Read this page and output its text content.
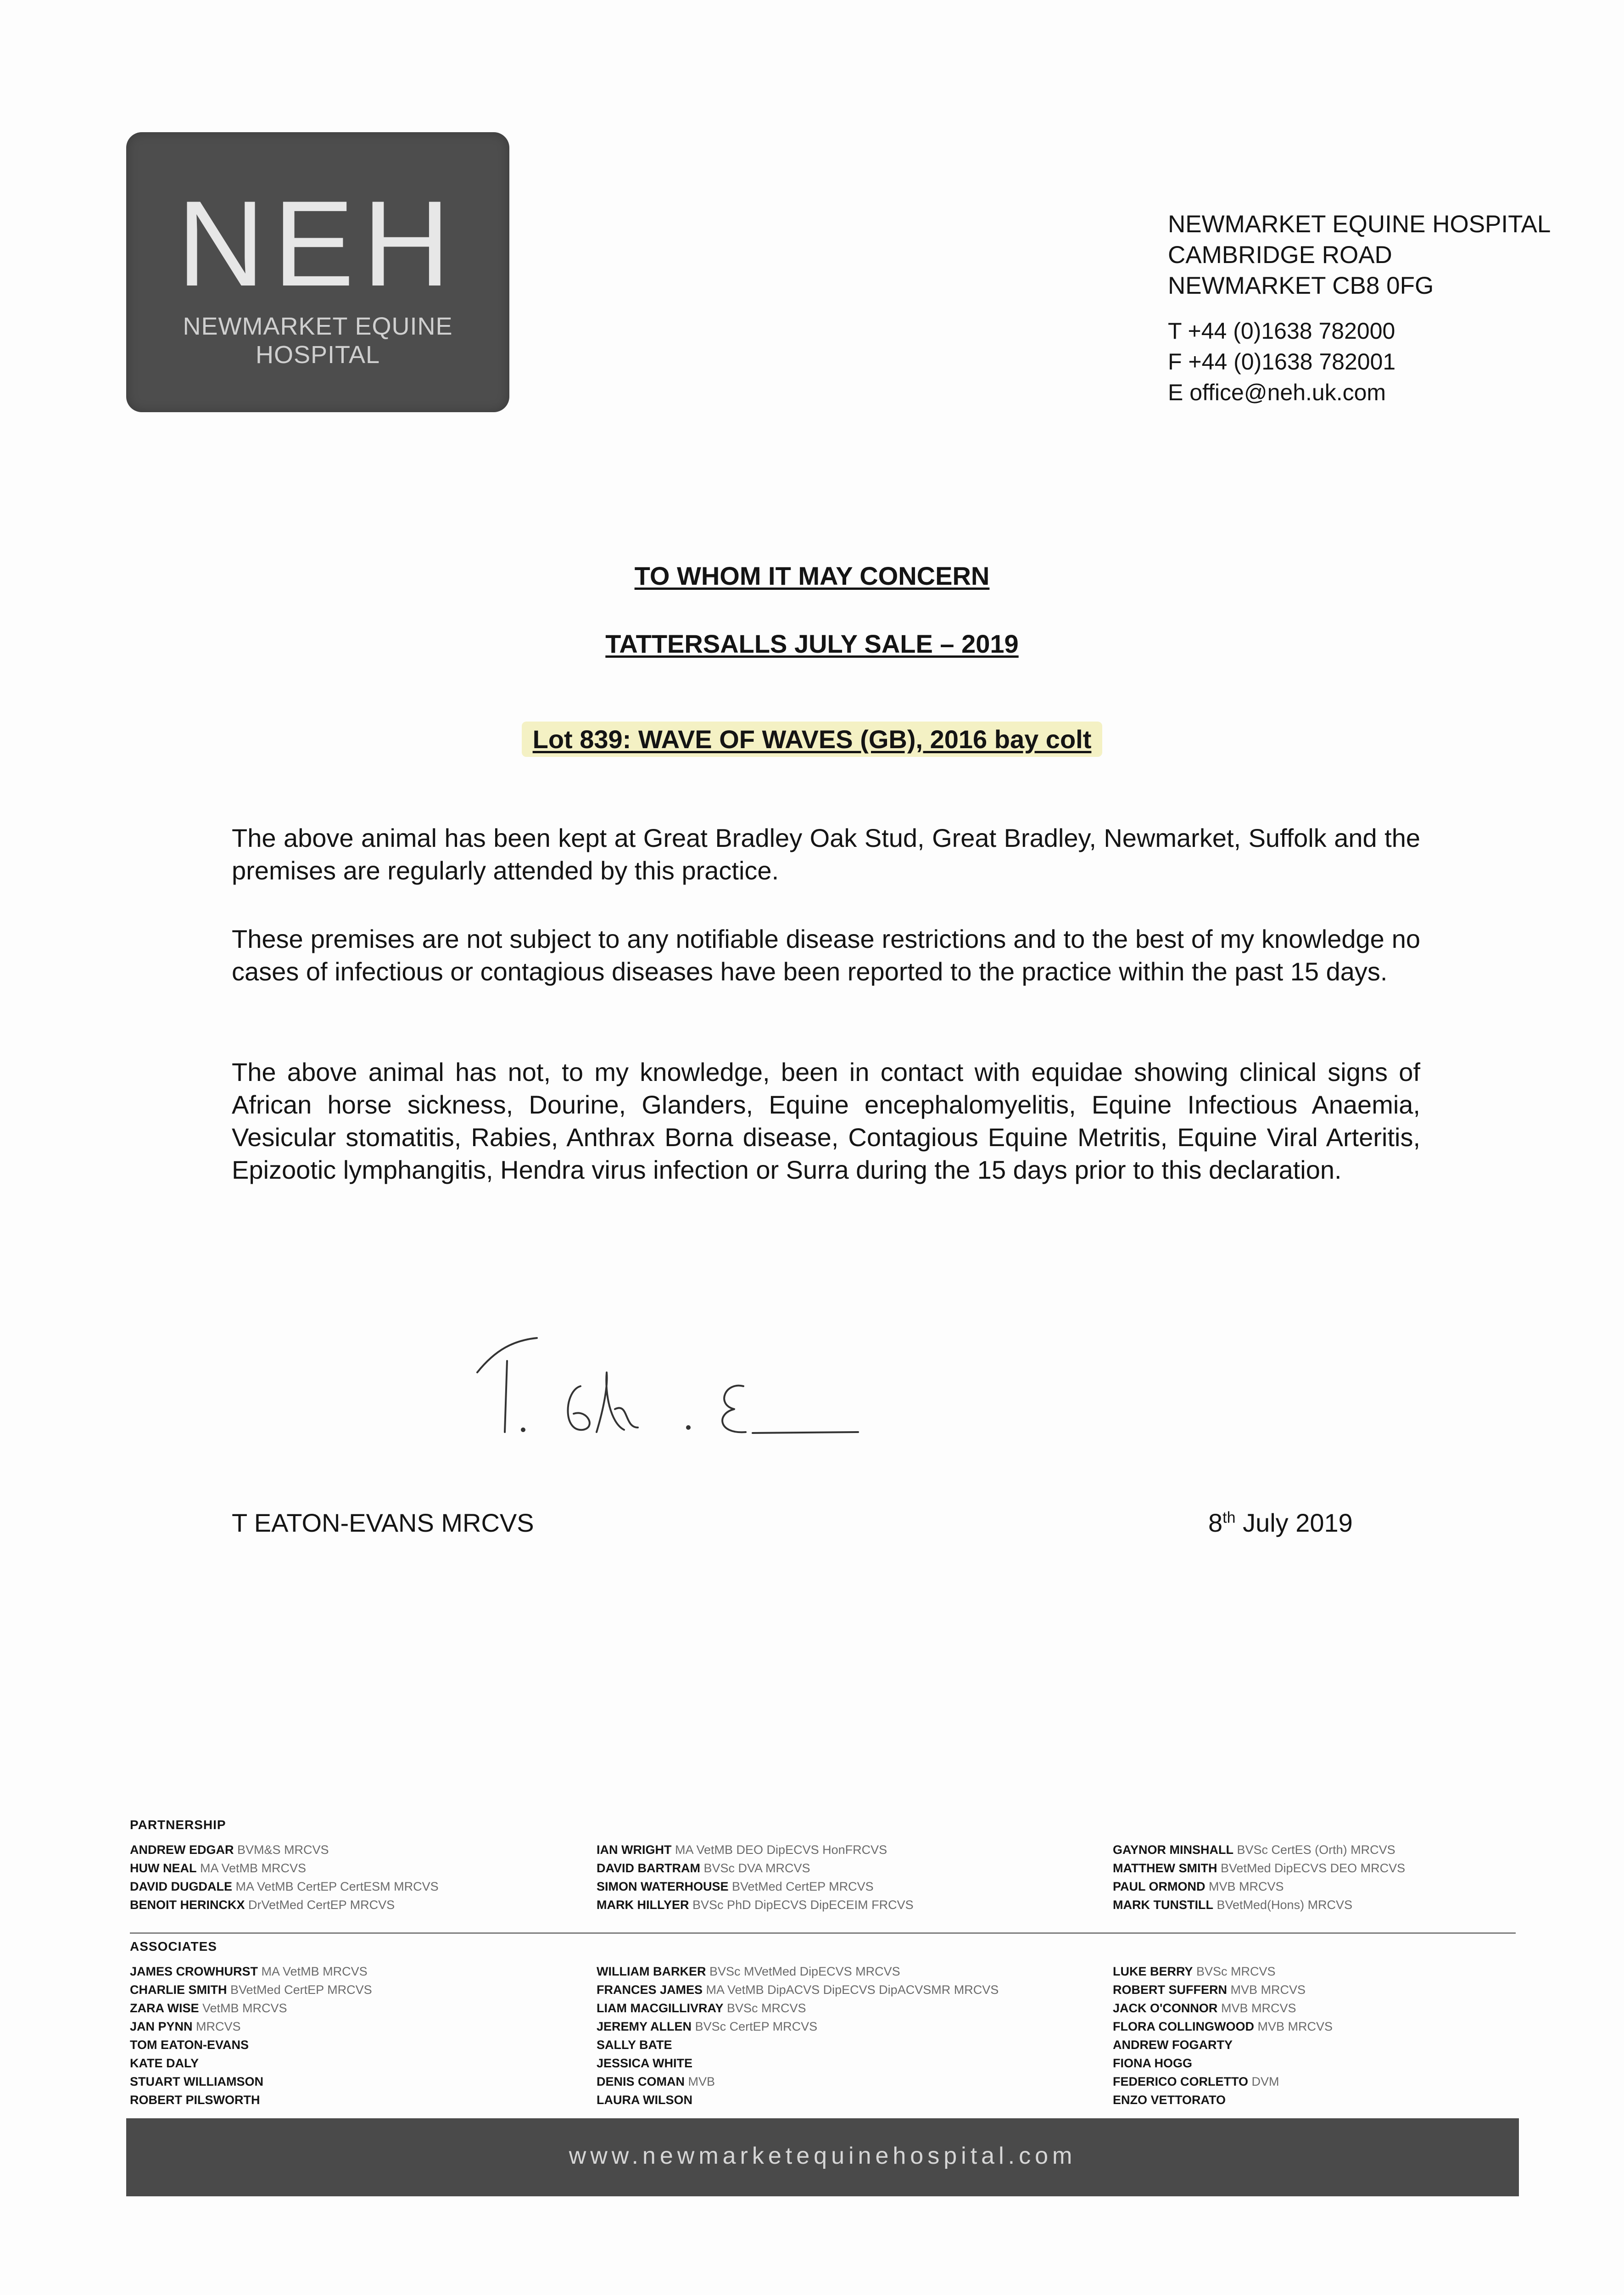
NEH
NEWMARKET EQUINE HOSPITAL
NEWMARKET EQUINE HOSPITAL
CAMBRIDGE ROAD
NEWMARKET CB8 0FG
T +44 (0)1638 782000
F +44 (0)1638 782001
E office@neh.uk.com
TO WHOM IT MAY CONCERN
TATTERSALLS JULY SALE – 2019
Lot 839: WAVE OF WAVES (GB), 2016 bay colt
The above animal has been kept at Great Bradley Oak Stud, Great Bradley, Newmarket, Suffolk and the premises are regularly attended by this practice.
These premises are not subject to any notifiable disease restrictions and to the best of my knowledge no cases of infectious or contagious diseases have been reported to the practice within the past 15 days.
The above animal has not, to my knowledge, been in contact with equidae showing clinical signs of African horse sickness, Dourine, Glanders, Equine encephalomyelitis, Equine Infectious Anaemia, Vesicular stomatitis, Rabies, Anthrax Borna disease, Contagious Equine Metritis, Equine Viral Arteritis, Epizootic lymphangitis, Hendra virus infection or Surra during the 15 days prior to this declaration.
T EATON-EVANS MRCVS	8th July 2019
PARTNERSHIP
ANDREW EDGAR BVM&S MRCVS
HUW NEAL MA VetMB MRCVS
DAVID DUGDALE MA VetMB CertEP CertESM MRCVS
BENOIT HERINCKX DrVetMed CertEP MRCVS
IAN WRIGHT MA VetMB DEO DipECVS HonFRCVS
DAVID BARTRAM BVSc DVA MRCVS
SIMON WATERHOUSE BVetMed CertEP MRCVS
MARK HILLYER BVSc PhD DipECVS DipECEIM FRCVS
GAYNOR MINSHALL BVSc CertES (Orth) MRCVS
MATTHEW SMITH BVetMed DipECVS DEO MRCVS
PAUL ORMOND MVB MRCVS
MARK TUNSTILL BVetMed(Hons) MRCVS
ASSOCIATES
JAMES CROWHURST MA VetMB MRCVS
CHARLIE SMITH BVetMed CertEP MRCVS
ZARA WISE VetMB MRCVS
JAN PYNN MRCVS
TOM EATON-EVANS
KATE DALY
STUART WILLIAMSON
ROBERT PILSWORTH
WILLIAM BARKER BVSc MVetMed DipECVS MRCVS
FRANCES JAMES MA VetMB DipACVS DipECVS DipACVSMR MRCVS
LIAM MACGILLIVRAY BVSc MRCVS
JEREMY ALLEN BVSc CertEP MRCVS
SALLY BATE
JESSICA WHITE
DENIS COMAN MVB
LAURA WILSON
LUKE BERRY BVSc MRCVS
ROBERT SUFFERN MVB MRCVS
JACK O'CONNOR MVB MRCVS
FLORA COLLINGWOOD MVB MRCVS
ANDREW FOGARTY
FIONA HOGG
FEDERICO CORLETTO DVM
ENZO VETTORATO
www.newmarketequinehospital.com
